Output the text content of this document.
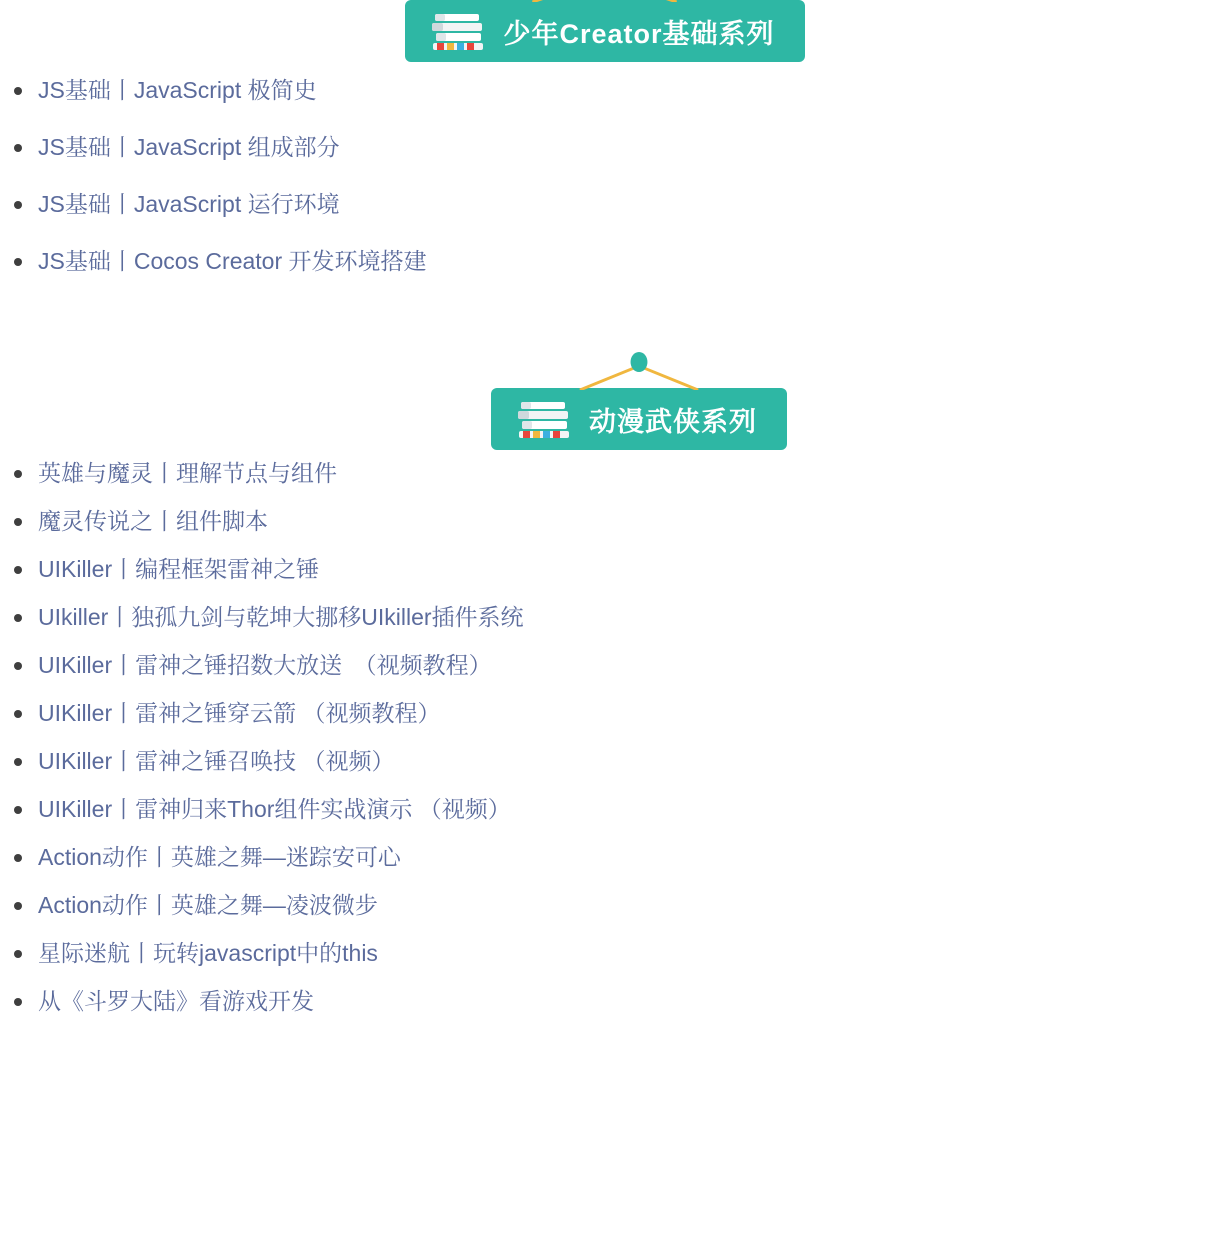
少年Creator基础系列
JS基础丨JavaScript 极简史
JS基础丨JavaScript 组成部分
JS基础丨JavaScript 运行环境
JS基础丨Cocos Creator 开发环境搭建
动漫武侠系列
英雄与魔灵丨理解节点与组件
魔灵传说之丨组件脚本
UIKiller丨编程框架雷神之锤
UIkiller丨独孤九剑与乾坤大挪移UIkiller插件系统
UIKiller丨雷神之锤招数大放送　（视频教程）
UIKiller丨雷神之锤穿云箭 （视频教程）
UIKiller丨雷神之锤召唤技 （视频）
UIKiller丨雷神归来Thor组件实战演示 （视频）
Action动作丨英雄之舞—迷踪安可心
Action动作丨英雄之舞—凌波微步
星际迷航丨玩转javascript中的this
从《斗罗大陆》看游戏开发
